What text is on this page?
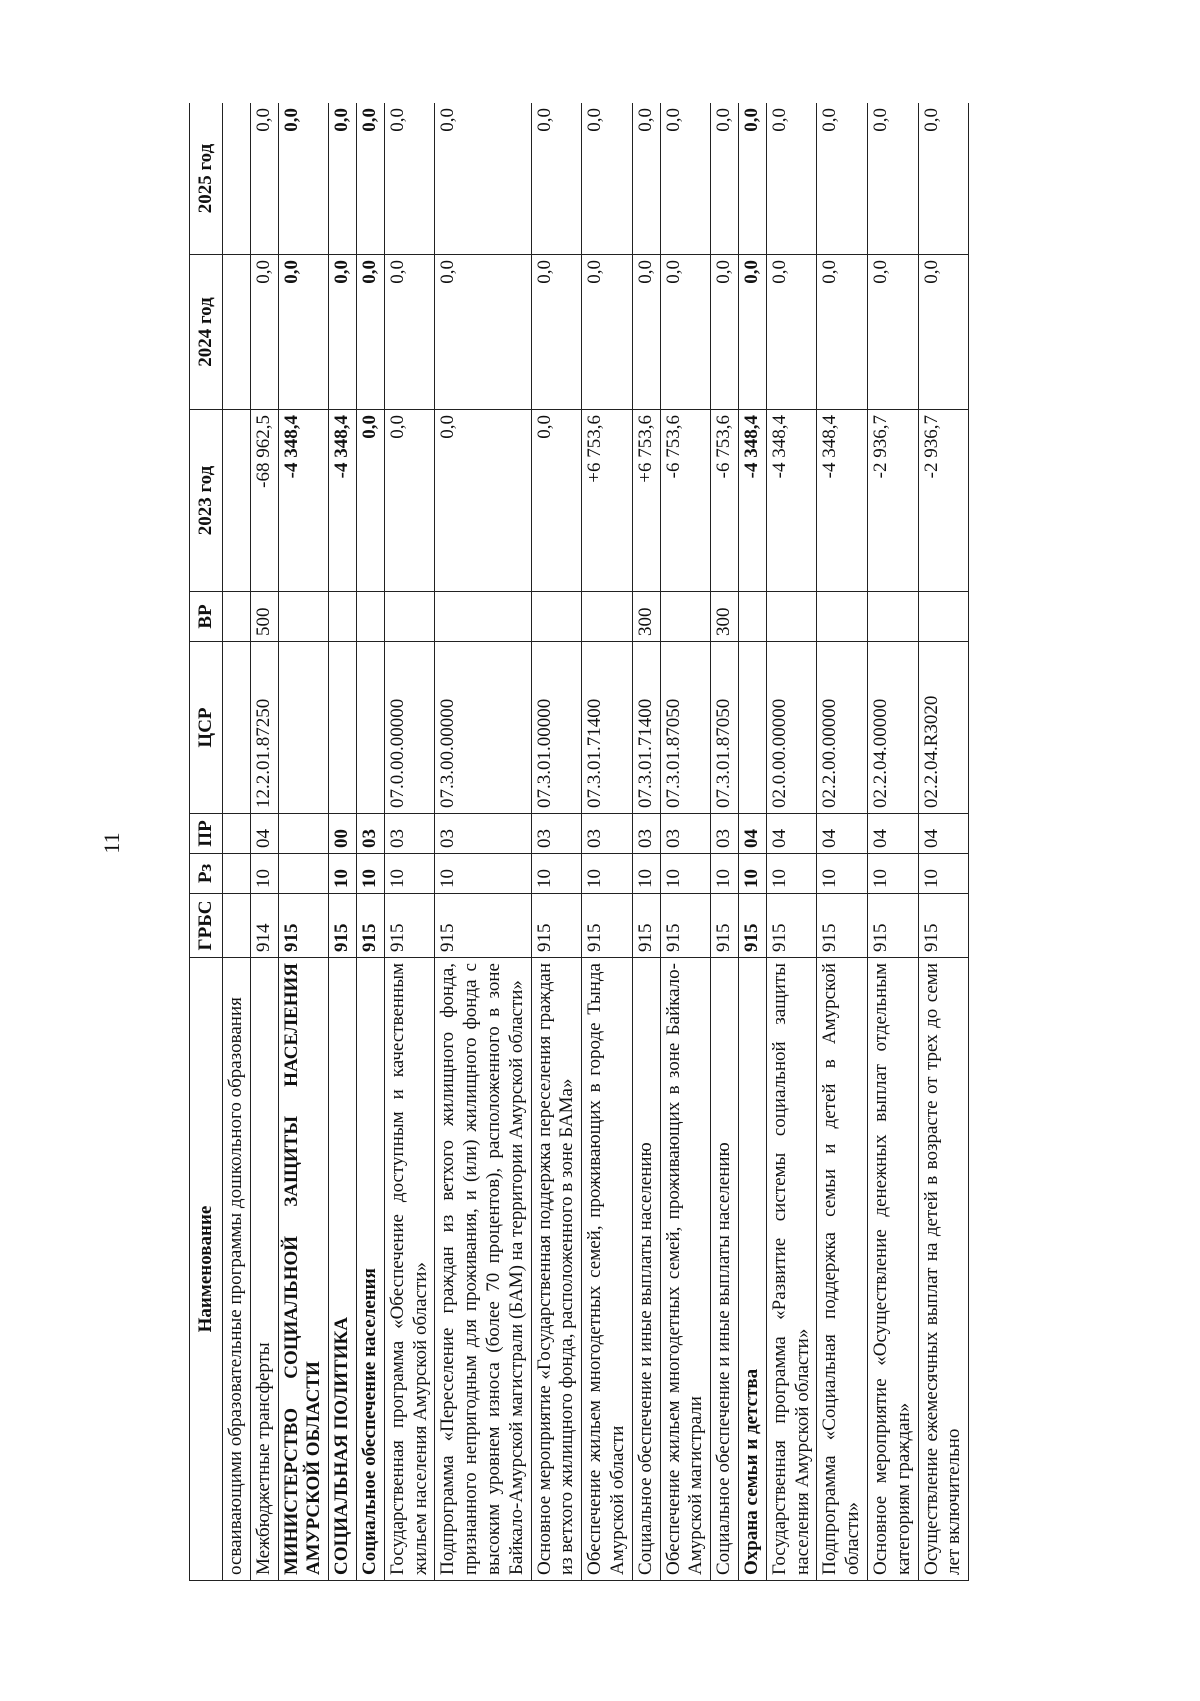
11
Наименование	ГРБС	Рз	ПР	ЦСР	ВР	2023 год	2024 год	2025 год
осваивающими образовательные программы дошкольного образования								
Межбюджетные трансферты	914	10	04	12.2.01.87250	500	-68 962,5	0,0	0,0
МИНИСТЕРСТВО СОЦИАЛЬНОЙ ЗАЩИТЫ НАСЕЛЕНИЯ АМУРСКОЙ ОБЛАСТИ	915					-4 348,4	0,0	0,0
СОЦИАЛЬНАЯ ПОЛИТИКА	915	10	00			-4 348,4	0,0	0,0
Социальное обеспечение населения	915	10	03			0,0	0,0	0,0
Государственная программа «Обеспечение доступным и качественным жильем населения Амурской области»	915	10	03	07.0.00.00000		0,0	0,0	0,0
Подпрограмма «Переселение граждан из ветхого жилищного фонда, признанного непригодным для проживания, и (или) жилищного фонда с высоким уровнем износа (более 70 процентов), расположенного в зоне Байкало-Амурской магистрали (БАМ) на территории Амурской области»	915	10	03	07.3.00.00000		0,0	0,0	0,0
Основное мероприятие «Государственная поддержка переселения граждан из ветхого жилищного фонда, расположенного в зоне БАМа»	915	10	03	07.3.01.00000		0,0	0,0	0,0
Обеспечение жильем многодетных семей, проживающих в городе Тында Амурской области	915	10	03	07.3.01.71400		+6 753,6	0,0	0,0
Социальное обеспечение и иные выплаты населению	915	10	03	07.3.01.71400	300	+6 753,6	0,0	0,0
Обеспечение жильем многодетных семей, проживающих в зоне Байкало-Амурской магистрали	915	10	03	07.3.01.87050		-6 753,6	0,0	0,0
Социальное обеспечение и иные выплаты населению	915	10	03	07.3.01.87050	300	-6 753,6	0,0	0,0
Охрана семьи и детства	915	10	04			-4 348,4	0,0	0,0
Государственная программа «Развитие системы социальной защиты населения Амурской области»	915	10	04	02.0.00.00000		-4 348,4	0,0	0,0
Подпрограмма «Социальная поддержка семьи и детей в Амурской области»	915	10	04	02.2.00.00000		-4 348,4	0,0	0,0
Основное мероприятие «Осуществление денежных выплат отдельным категориям граждан»	915	10	04	02.2.04.00000		-2 936,7	0,0	0,0
Осуществление ежемесячных выплат на детей в возрасте от трех до семи лет включительно	915	10	04	02.2.04.R3020		-2 936,7	0,0	0,0
